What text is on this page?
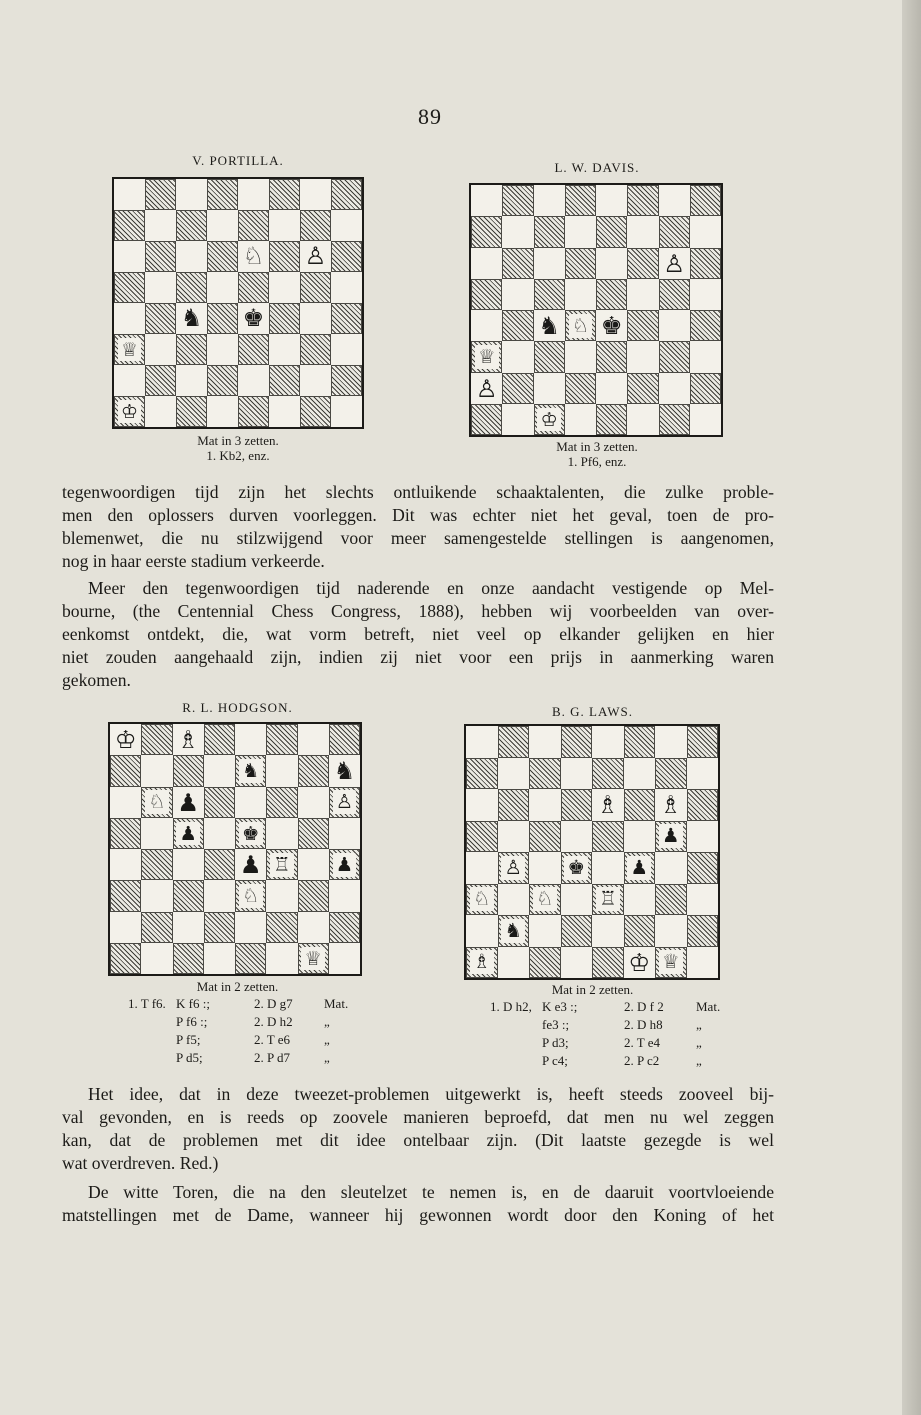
89
V. PORTILLA.
♘ ♙
♞ ♚
♕
♔
Mat in 3 zetten.
1. Kb2, enz.
L. W. DAVIS.
♙
♞ ♘ ♚
♕
♙
♔
Mat in 3 zetten.
1. Pf6, enz.

tegenwoordigen tijd zijn het slechts ontluikende schaaktalenten, die zulke proble-
men den oplossers durven voorleggen. Dit was echter niet het geval, toen de pro-
blemenwet, die nu stilzwijgend voor meer samengestelde stellingen is aangenomen,
nog in haar eerste stadium verkeerde.

Meer den tegenwoordigen tijd naderende en onze aandacht vestigende op Mel-
bourne, (the Centennial Chess Congress, 1888), hebben wij voorbeelden van over-
eenkomst ontdekt, die, wat vorm betreft, niet veel op elkander gelijken en hier
niet zouden aangehaald zijn, indien zij niet voor een prijs in aanmerking waren
gekomen.

R. L. HODGSON.
♔ ♗
♞	♞
♘ ♟	♙
♟ ♚
♟ ♖ ♟
♘
♕
Mat in 2 zetten.
B. G. LAWS.
♗ ♗
♟
♙ ♚ ♟
♘ ♘ ♖
♞
♗	♔ ♕
Mat in 2 zetten.
1. T f6. K f6 :;	2. D g7 Mat.
P f6 :;	2. D h2 „
P f5;	2. T e6	„
P d5;	2. P d7	„
1. D h2, K e3 :;	2. D f 2 Mat.
fe3 :;	2. D h8	„
P d3;	2. T e4	„
P c4;	2. P c2	„

Het idee, dat in deze tweezet-problemen uitgewerkt is, heeft steeds zooveel bij-
val gevonden, en is reeds op zoovele manieren beproefd, dat men nu wel zeggen
kan, dat de problemen met dit idee ontelbaar zijn. (Dit laatste gezegde is wel
wat overdreven. Red.)

De witte Toren, die na den sleutelzet te nemen is, en de daaruit voortvloeiende
matstellingen met de Dame, wanneer hij gewonnen wordt door den Koning of het
